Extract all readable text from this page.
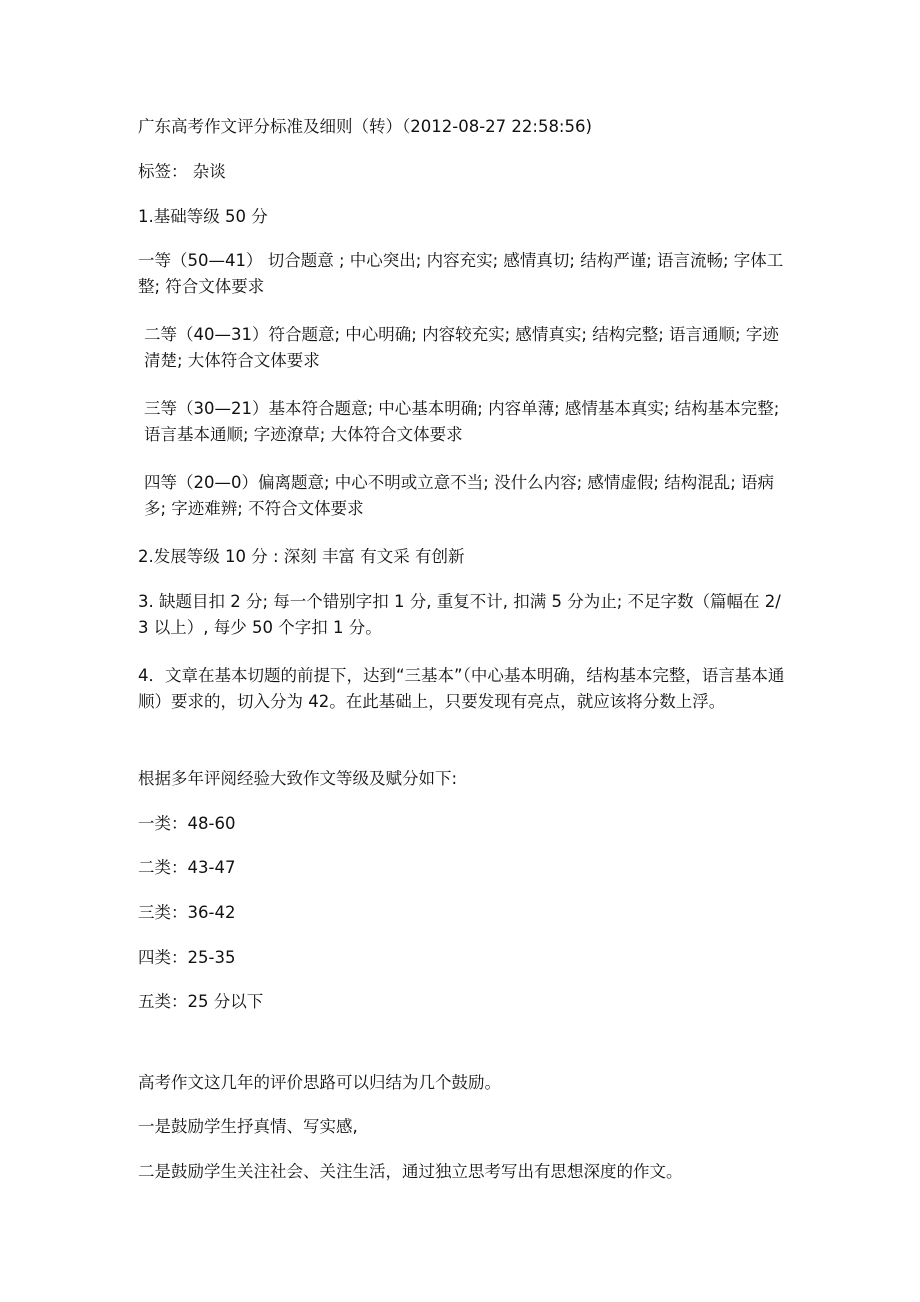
广东高考作文评分标准及细则（转）（2012-08-27 22:58:56)

标签： 杂谈

1.基础等级 50 分

一等（50—41） 切合题意 ; 中心突出; 内容充实; 感情真切; 结构严谨; 语言流畅; 字体工整; 符合文体要求

二等（40—31）符合题意; 中心明确; 内容较充实; 感情真实; 结构完整; 语言通顺; 字迹清楚; 大体符合文体要求

三等（30—21）基本符合题意; 中心基本明确; 内容单薄; 感情基本真实; 结构基本完整; 语言基本通顺; 字迹潦草; 大体符合文体要求

四等（20—0）偏离题意; 中心不明或立意不当; 没什么内容; 感情虚假; 结构混乱; 语病多; 字迹难辨; 不符合文体要求

2.发展等级 10 分 : 深刻 丰富 有文采 有创新

3. 缺题目扣 2 分; 每一个错别字扣 1 分, 重复不计, 扣满 5 分为止; 不足字数（篇幅在 2/3 以上）, 每少 50 个字扣 1 分。

4．文章在基本切题的前提下，达到“三基本”（中心基本明确，结构基本完整，语言基本通顺）要求的，切入分为 42。在此基础上，只要发现有亮点，就应该将分数上浮。

根据多年评阅经验大致作文等级及赋分如下:

一类：48-60

二类：43-47

三类：36-42

四类：25-35

五类：25 分以下

高考作文这几年的评价思路可以归结为几个鼓励。

一是鼓励学生抒真情、写实感,

二是鼓励学生关注社会、关注生活，通过独立思考写出有思想深度的作文。
